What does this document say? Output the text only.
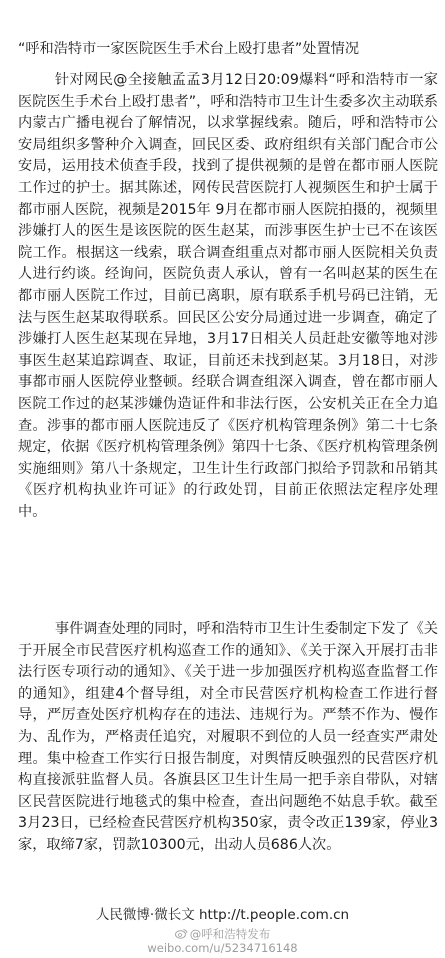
“呼和浩特市一家医院医生手术台上殴打患者”处置情况
针对网民@全接触孟孟3月12日20:09爆料“呼和浩特市一家医院医生手术台上殴打患者”，呼和浩特市卫生计生委多次主动联系内蒙古广播电视台了解情况，以求掌握线索。随后，呼和浩特市公安局组织多警种介入调查，回民区委、政府组织有关部门配合市公安局，运用技术侦查手段，找到了提供视频的是曾在都市丽人医院工作过的护士。据其陈述，网传民营医院打人视频医生和护士属于都市丽人医院，视频是2015年 9月在都市丽人医院拍摄的，视频里涉嫌打人的医生是该医院的医生赵某，而涉事医生护士已不在该医院工作。根据这一线索，联合调查组重点对都市丽人医院相关负责人进行约谈。经询问，医院负责人承认，曾有一名叫赵某的医生在都市丽人医院工作过，目前已离职，原有联系手机号码已注销，无法与医生赵某取得联系。回民区公安分局通过进一步调查，确定了涉嫌打人医生赵某现在异地，3月17日相关人员赶赴安徽等地对涉事医生赵某追踪调查、取证，目前还未找到赵某。3月18日，对涉事都市丽人医院停业整顿。经联合调查组深入调查，曾在都市丽人医院工作过的赵某涉嫌伪造证件和非法行医，公安机关正在全力追查。涉事的都市丽人医院违反了《医疗机构管理条例》第二十七条规定，依据《医疗机构管理条例》第四十七条、《医疗机构管理条例实施细则》第八十条规定，卫生计生行政部门拟给予罚款和吊销其《医疗机构执业许可证》的行政处罚，目前正依照法定程序处理中。
事件调查处理的同时，呼和浩特市卫生计生委制定下发了《关于开展全市民营医疗机构巡查工作的通知》、《关于深入开展打击非法行医专项行动的通知》、《关于进一步加强医疗机构巡查监督工作的通知》，组建4个督导组，对全市民营医疗机构检查工作进行督导，严厉查处医疗机构存在的违法、违规行为。严禁不作为、慢作为、乱作为，严格责任追究，对履职不到位的人员一经查实严肃处理。集中检查工作实行日报告制度，对舆情反映强烈的民营医疗机构直接派驻监督人员。各旗县区卫生计生局一把手亲自带队，对辖区民营医院进行地毯式的集中检查，查出问题绝不姑息手软。截至3月23日，已经检查民营医疗机构350家，责令改正139家，停业3家，取缔7家，罚款10300元，出动人员686人次。
人民微博·微长文 http://t.people.com.cn
@呼和浩特发布
weibo.com/u/5234716148
